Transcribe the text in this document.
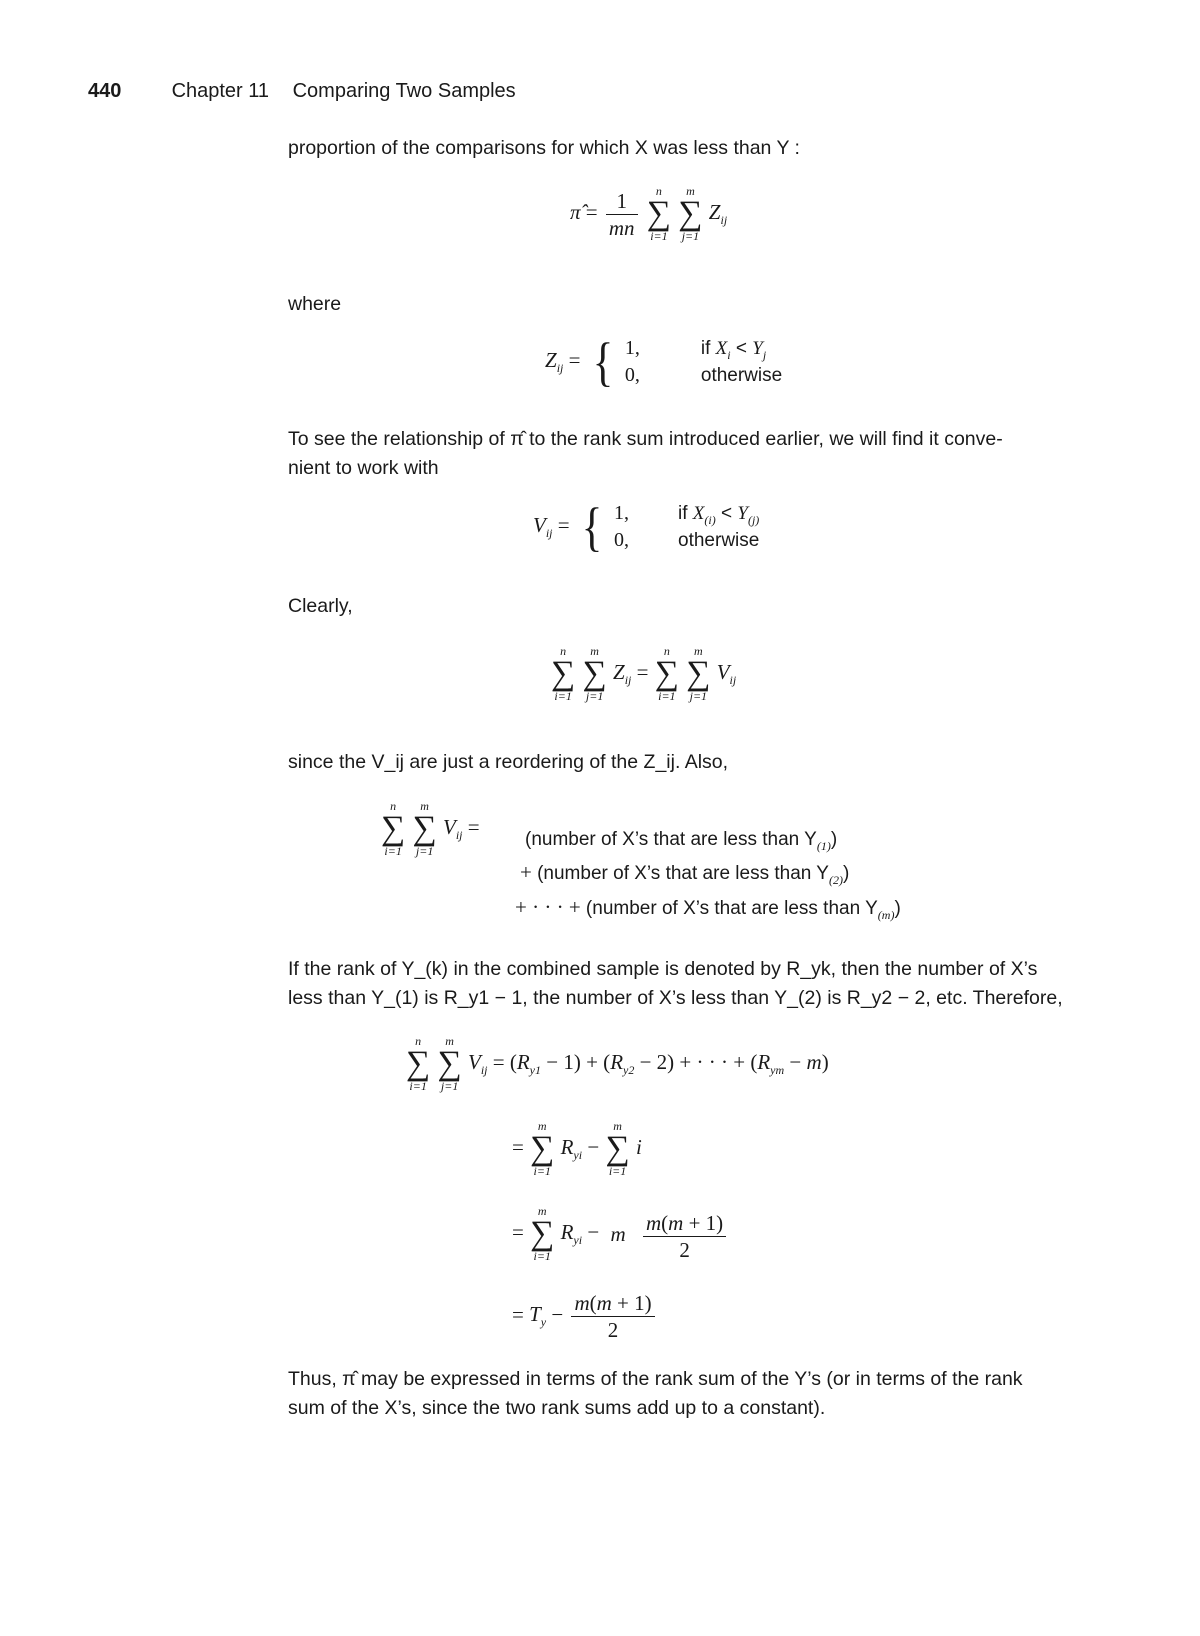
440	Chapter 11 Comparing Two Samples
proportion of the comparisons for which X was less than Y :
π̂ = $\frac{1}{mn}$
n
∑
i=1

m
∑
j=1
$Z_{ij}$
where
$Z_{ij}$ = { 1,	if $X_i < Y_j$
0,	otherwise
To see the relationship of π̂ to the rank sum introduced earlier, we will find it conve-
nient to work with
$V_{ij}$ = { 1,	if $X_{(i)} < Y_{(j)}$
0,	otherwise
Clearly,
n
∑
i=1

m
∑
j=1
$Z_{ij}$ =
n
∑
i=1

m
∑
j=1
$V_{ij}$
since the V_ij are just a reordering of the Z_ij. Also,
n
∑
i=1

m
∑
j=1
$V_{ij}$ =
(number of X’s that are less than $Y_{(1)}$)
+ (number of X’s that are less than $Y_{(2)}$)
+ · · · + (number of X’s that are less than $Y_{(m)}$)
If the rank of Y_(k) in the combined sample is denoted by R_yk, then the number of X’s
less than Y_(1) is R_y1 − 1, the number of X’s less than Y_(2) is R_y2 − 2, etc. Therefore,
n
∑
i=1

m
∑
j=1
$V_{ij} = (R_{y1} - 1) + (R_{y2} - 2)$ + · · · + $(R_{ym} - m)$
=
m
∑
i=1
$R_{yi}$ −
m
∑
i=1
i
=
m
∑
i=1
$R_{yi} - m \frac{m(m + 1)}{2}$
= $T_y - \frac{m(m + 1)}{2}$
Thus, π̂ may be expressed in terms of the rank sum of the Y’s (or in terms of the rank
sum of the X’s, since the two rank sums add up to a constant).
